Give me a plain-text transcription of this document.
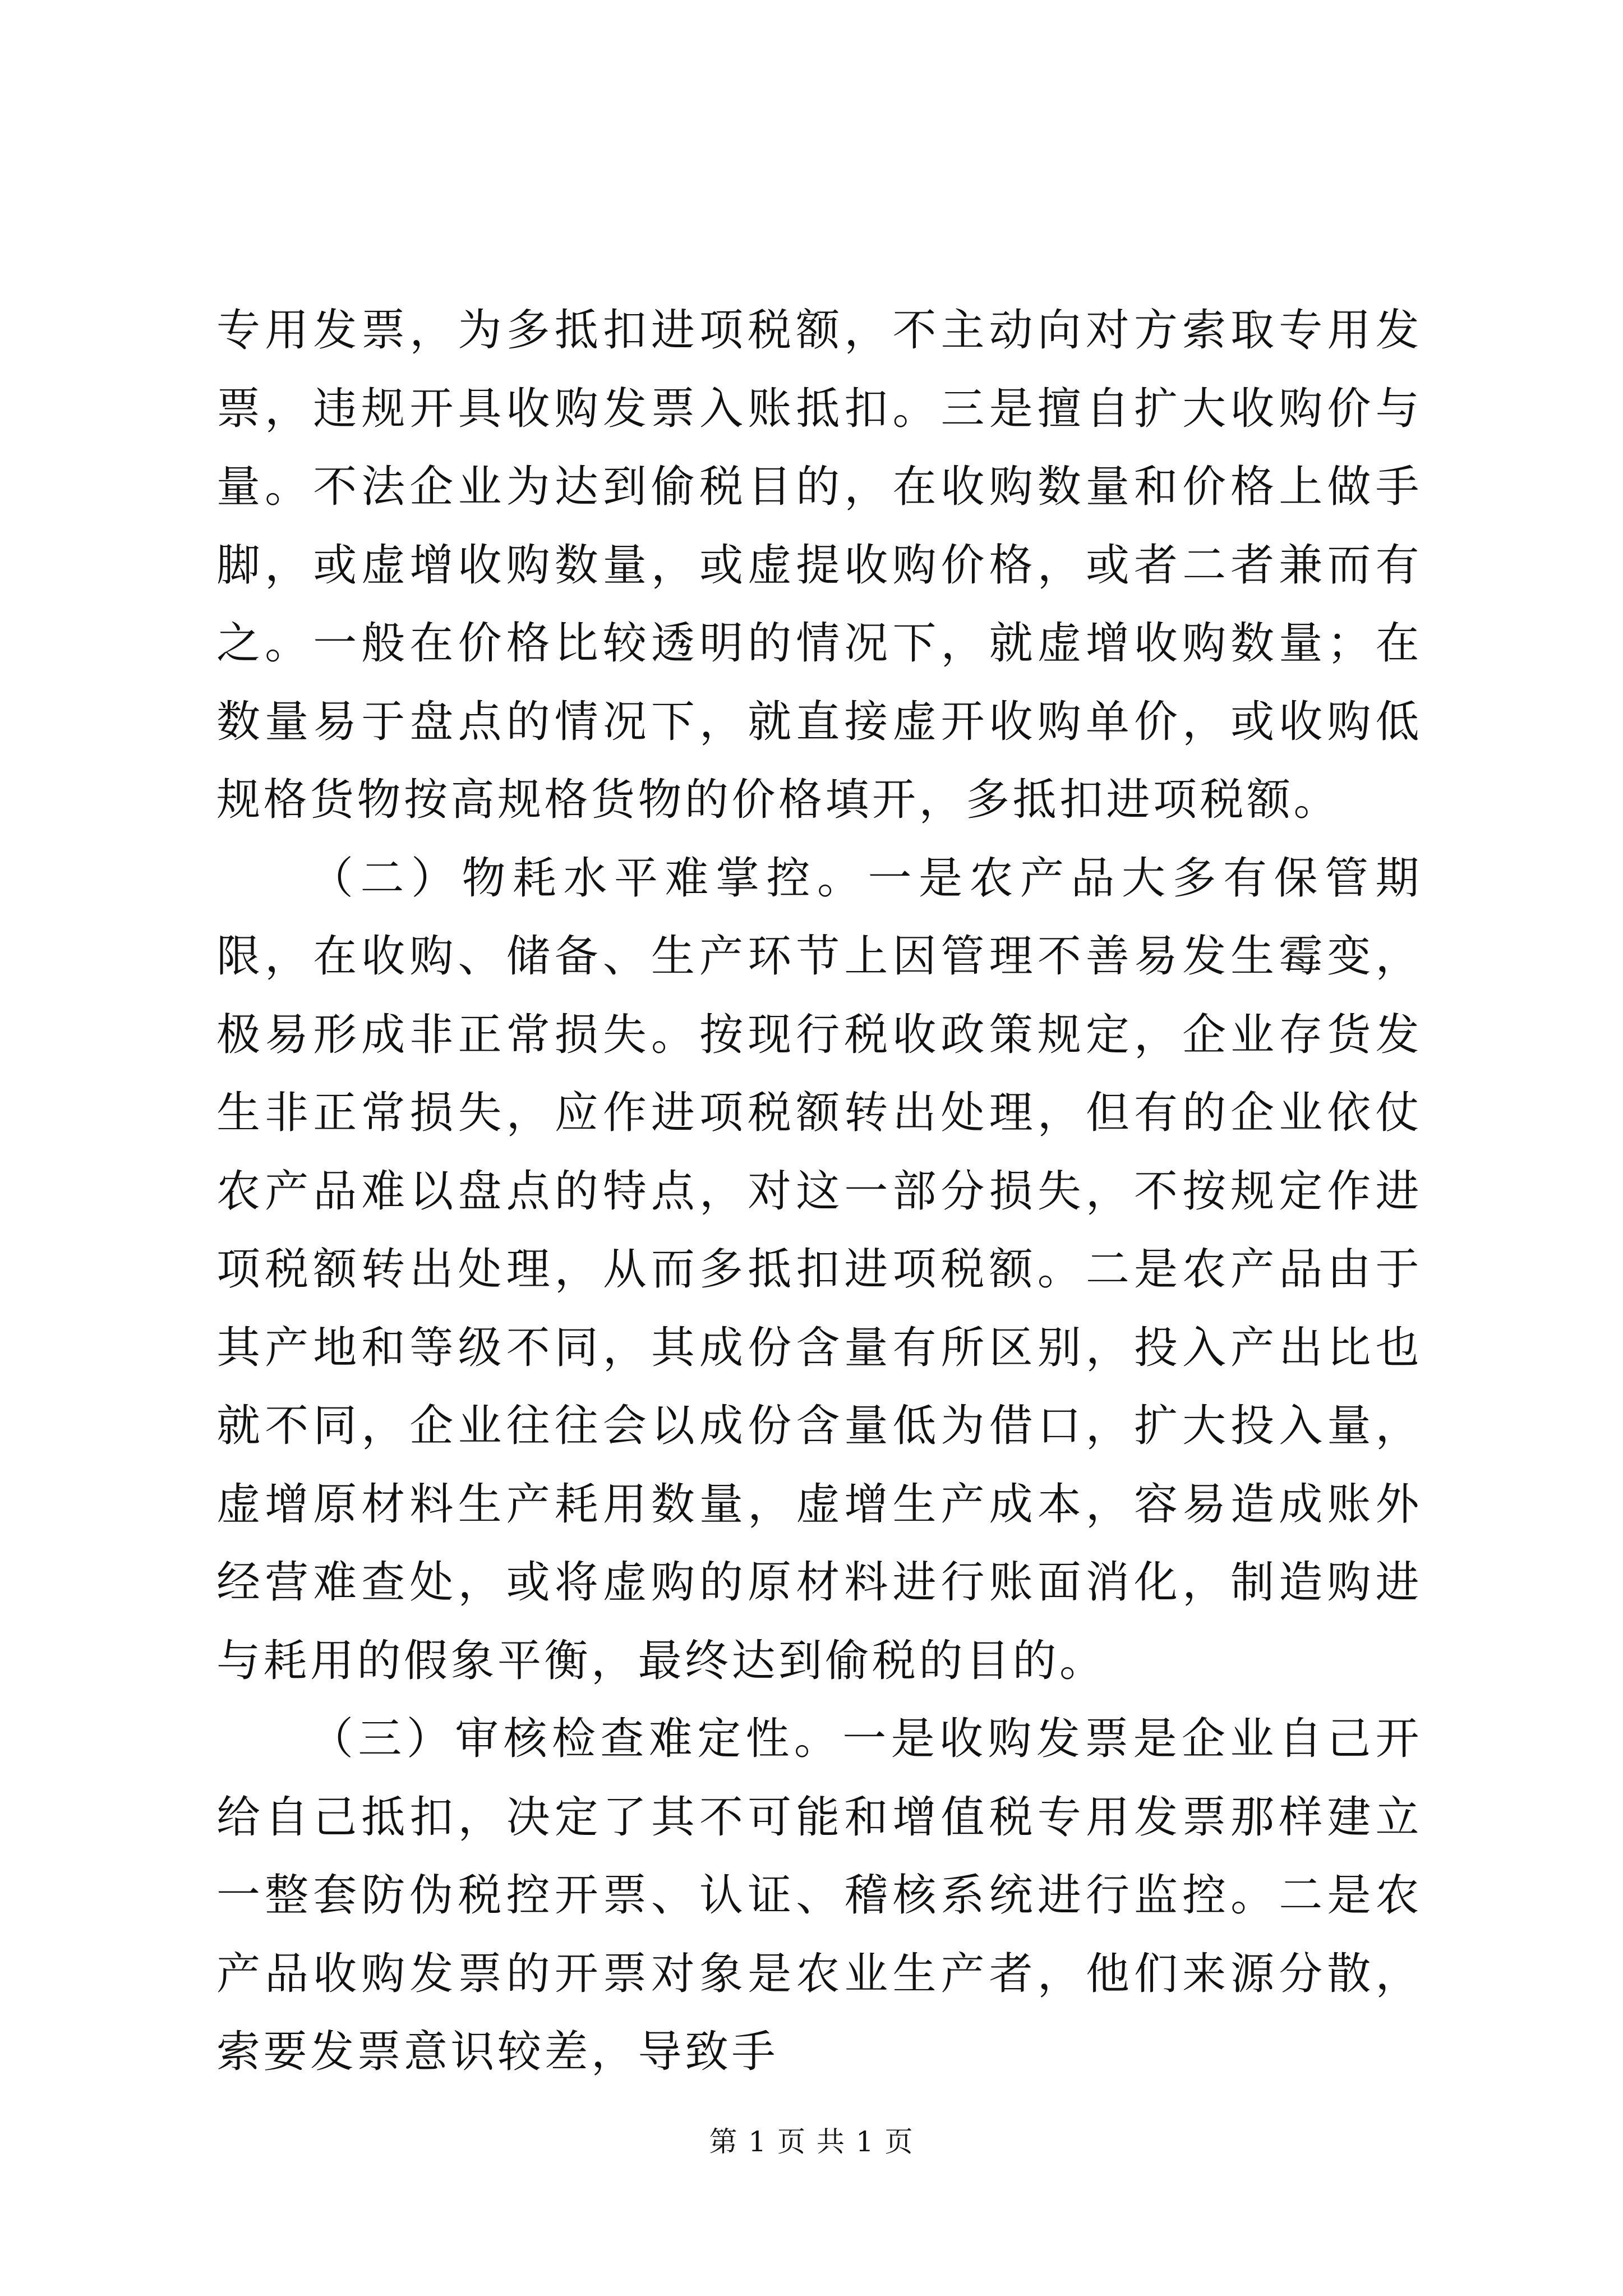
专用发票，为多抵扣进项税额，不主动向对方索取专用发票，违规开具收购发票入账抵扣。三是擅自扩大收购价与量。不法企业为达到偷税目的，在收购数量和价格上做手脚，或虚增收购数量，或虚提收购价格，或者二者兼而有之。一般在价格比较透明的情况下，就虚增收购数量；在数量易于盘点的情况下，就直接虚开收购单价，或收购低规格货物按高规格货物的价格填开，多抵扣进项税额。

（二）物耗水平难掌控。一是农产品大多有保管期限，在收购、储备、生产环节上因管理不善易发生霉变，极易形成非正常损失。按现行税收政策规定，企业存货发生非正常损失，应作进项税额转出处理，但有的企业依仗农产品难以盘点的特点，对这一部分损失，不按规定作进项税额转出处理，从而多抵扣进项税额。二是农产品由于其产地和等级不同，其成份含量有所区别，投入产出比也就不同，企业往往会以成份含量低为借口，扩大投入量，虚增原材料生产耗用数量，虚增生产成本，容易造成账外经营难查处，或将虚购的原材料进行账面消化，制造购进与耗用的假象平衡，最终达到偷税的目的。

（三）审核检查难定性。一是收购发票是企业自己开给自己抵扣，决定了其不可能和增值税专用发票那样建立一整套防伪税控开票、认证、稽核系统进行监控。二是农产品收购发票的开票对象是农业生产者，他们来源分散，索要发票意识较差，导致手

第 1 页 共 1 页
